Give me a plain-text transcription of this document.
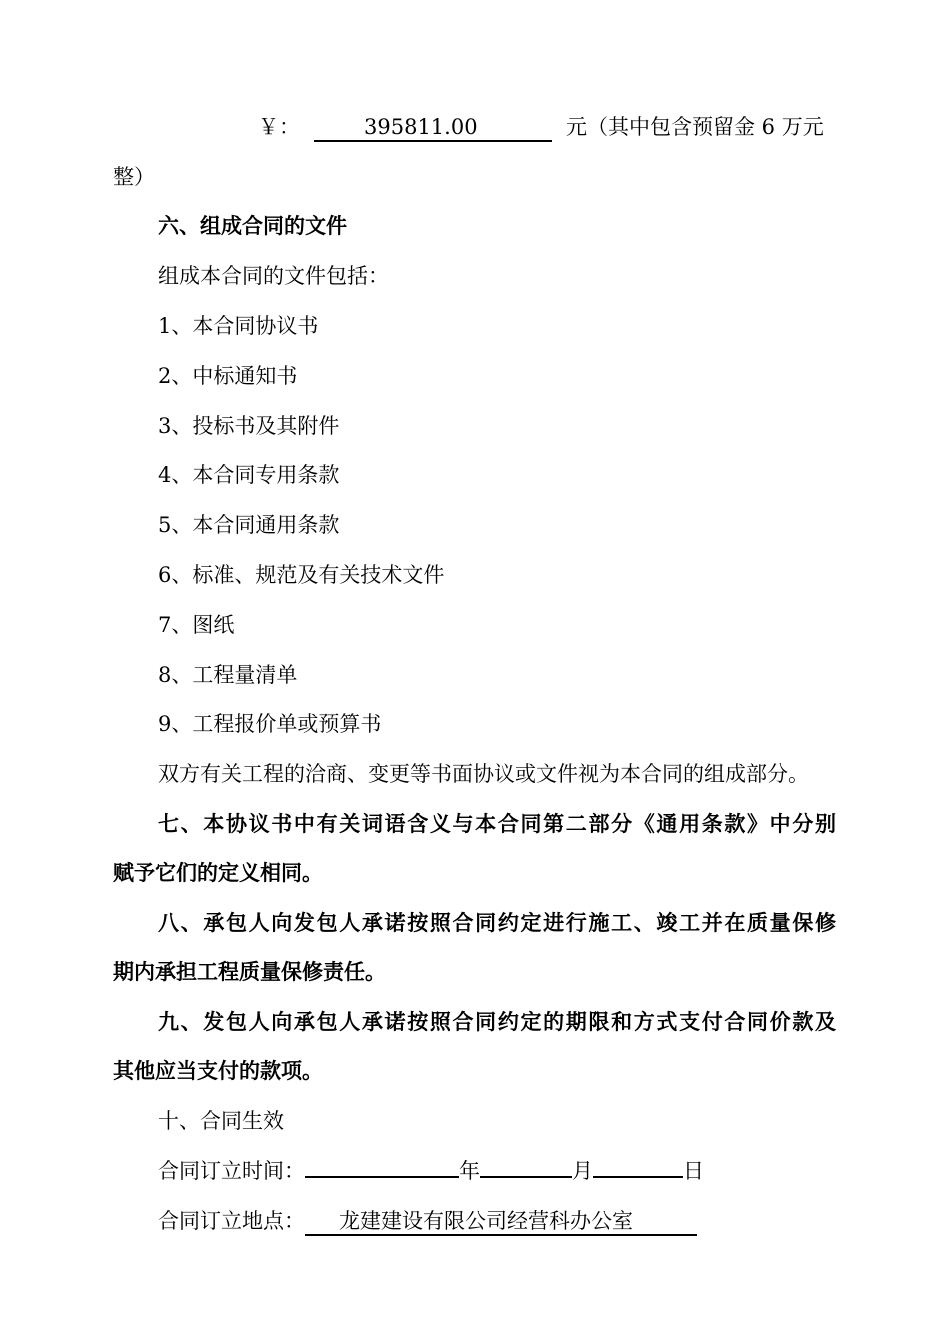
￥：	395811.00	元（其中包含预留金 6 万元
整）
六、组成合同的文件
组成本合同的文件包括：
1、本合同协议书
2、中标通知书
3、投标书及其附件
4、本合同专用条款
5、本合同通用条款
6、标准、规范及有关技术文件
7、图纸
8、工程量清单
9、工程报价单或预算书
双方有关工程的洽商、变更等书面协议或文件视为本合同的组成部分。
七、本协议书中有关词语含义与本合同第二部分《通用条款》中分别
赋予它们的定义相同。
八、承包人向发包人承诺按照合同约定进行施工、竣工并在质量保修
期内承担工程质量保修责任。
九、发包人向承包人承诺按照合同约定的期限和方式支付合同价款及
其他应当支付的款项。
十、合同生效
合同订立时间：	年	月	日
合同订立地点： 龙建建设有限公司经营科办公室
